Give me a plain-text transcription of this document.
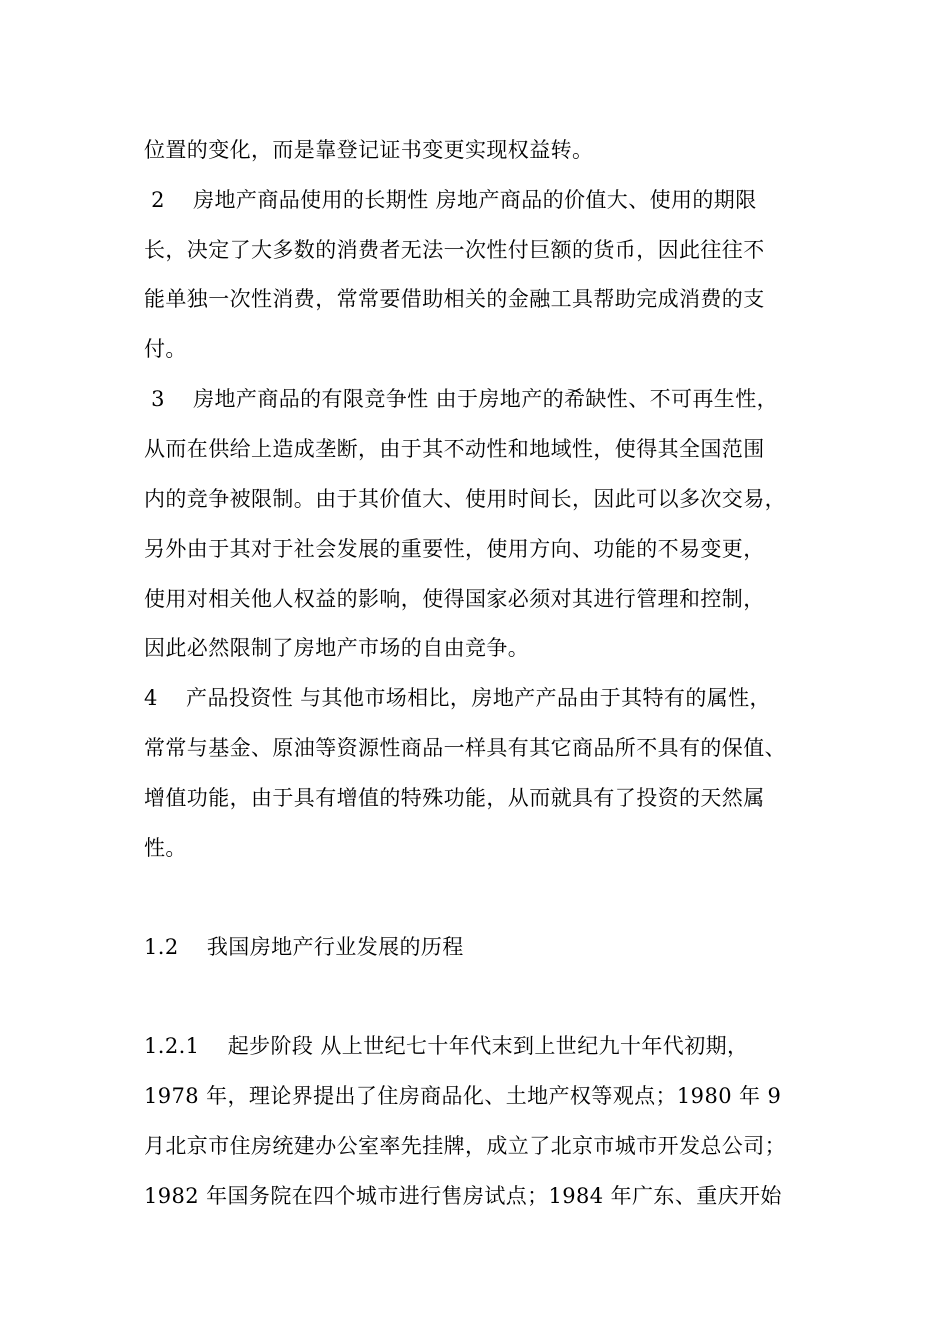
位置的变化，而是靠登记证书变更实现权益转。
2    房地产商品使用的长期性 房地产商品的价值大、使用的期限
长，决定了大多数的消费者无法一次性付巨额的货币，因此往往不
能单独一次性消费，常常要借助相关的金融工具帮助完成消费的支
付。
3    房地产商品的有限竞争性 由于房地产的希缺性、不可再生性，
从而在供给上造成垄断，由于其不动性和地域性，使得其全国范围
内的竞争被限制。由于其价值大、使用时间长，因此可以多次交易，
另外由于其对于社会发展的重要性，使用方向、功能的不易变更，
使用对相关他人权益的影响，使得国家必须对其进行管理和控制，
因此必然限制了房地产市场的自由竞争。
4    产品投资性 与其他市场相比，房地产产品由于其特有的属性，
常常与基金、原油等资源性商品一样具有其它商品所不具有的保值、
增值功能，由于具有增值的特殊功能，从而就具有了投资的天然属
性。
1.2    我国房地产行业发展的历程
1.2.1    起步阶段 从上世纪七十年代末到上世纪九十年代初期，
1978 年，理论界提出了住房商品化、土地产权等观点；1980 年 9
月北京市住房统建办公室率先挂牌，成立了北京市城市开发总公司；
1982 年国务院在四个城市进行售房试点；1984 年广东、重庆开始
